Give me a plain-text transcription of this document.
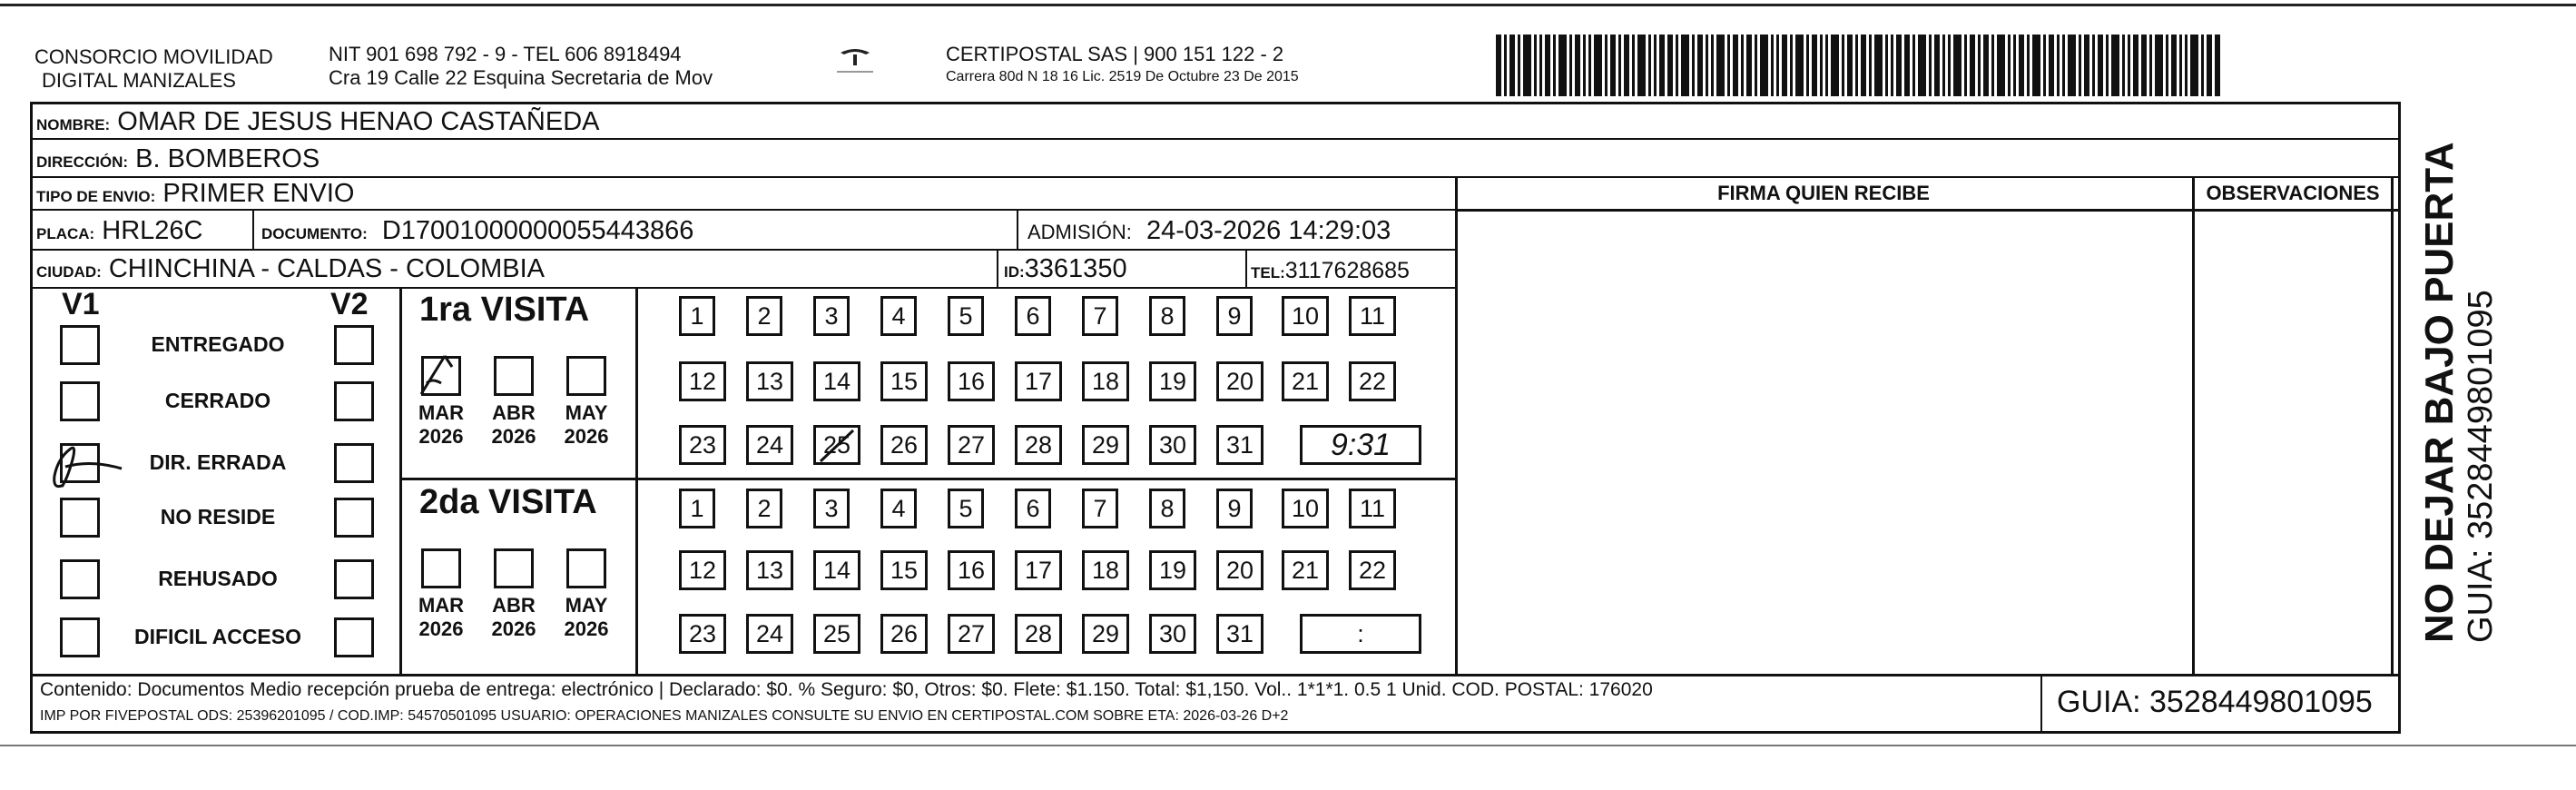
CONSORCIO MOVILIDAD
DIGITAL MANIZALES
NIT 901 698 792 - 9 - TEL 606 8918494
Cra 19 Calle 22 Esquina Secretaria de Mov
CERTIPOSTAL SAS | 900 151 122 - 2
Carrera 80d N 18 16 Lic. 2519 De Octubre 23 De 2015
NOMBRE: OMAR DE JESUS HENAO CASTAÑEDA
DIRECCIÓN: B. BOMBEROS
TIPO DE ENVIO: PRIMER ENVIO	FIRMA QUIEN RECIBE	OBSERVACIONES
PLACA: HRL26C	DOCUMENTO: D17001000000055443866	ADMISIÓN: 24-03-2026 14:29:03
CIUDAD: CHINCHINA - CALDAS - COLOMBIA	ID:3361350	TEL:3117628685
V1	V2
ENTREGADO
CERRADO
DIR. ERRADA
NO RESIDE
REHUSADO
DIFICIL ACCESO
1ra VISITA
2da VISITA
MAR
2026
ABR
2026
MAY
2026
MAR
2026
ABR
2026
MAY
2026
1	2	3	4	5	6	7	8	9	10	11
12	13	14	15	16	17	18	19	20	21	22
23	24	25	26	27	28	29	30	31	9:31
1	2	3	4	5	6	7	8	9	10	11
12	13	14	15	16	17	18	19	20	21	22
23	24	25	26	27	28	29	30	31	:
Contenido: Documentos Medio recepción prueba de entrega: electrónico | Declarado: $0. % Seguro: $0, Otros: $0. Flete: $1.150. Total: $1,150. Vol.. 1*1*1. 0.5 1 Unid. COD. POSTAL: 176020
IMP POR FIVEPOSTAL ODS: 25396201095 / COD.IMP: 54570501095 USUARIO: OPERACIONES MANIZALES CONSULTE SU ENVIO EN CERTIPOSTAL.COM SOBRE ETA: 2026-03-26 D+2	GUIA: 3528449801095
NO DEJAR BAJO PUERTA GUIA: 3528449801095
